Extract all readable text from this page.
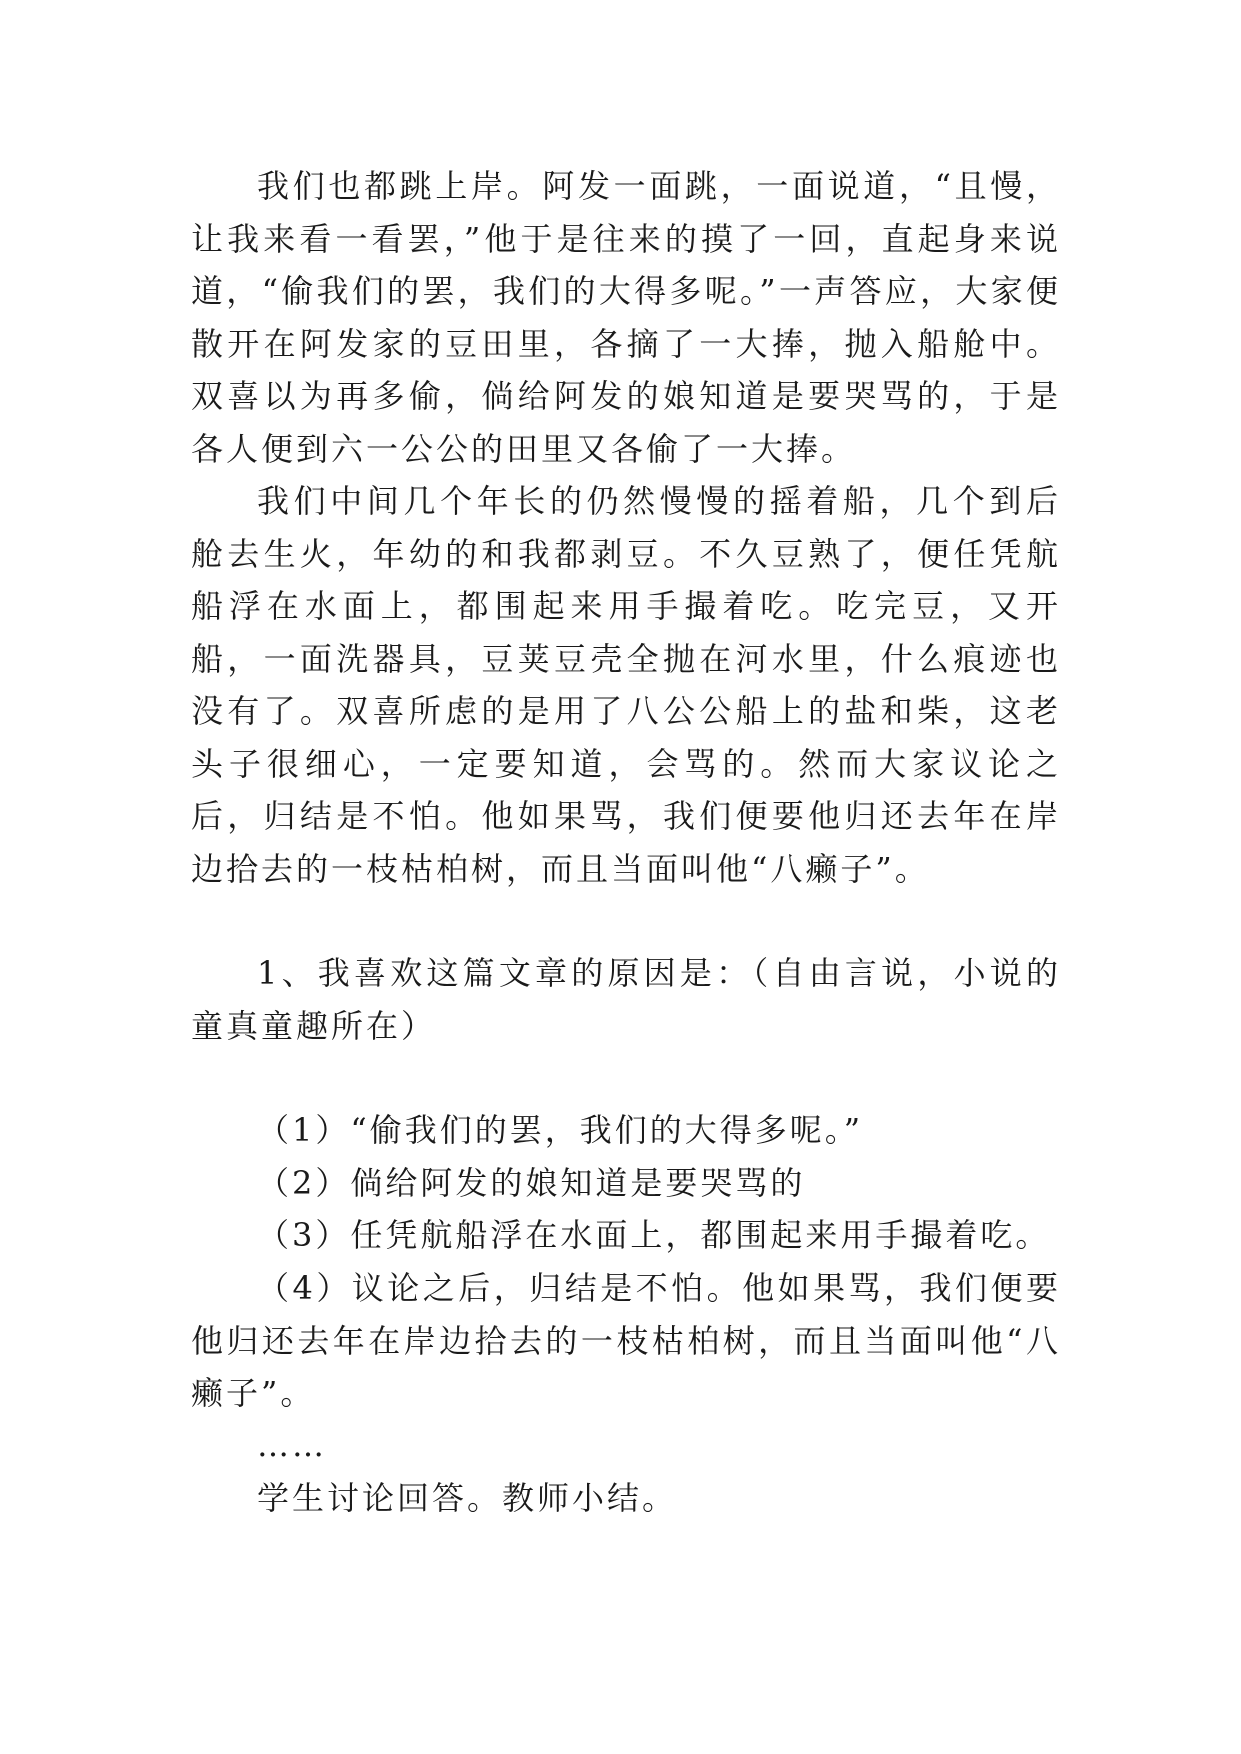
我们也都跳上岸。阿发一面跳，一面说道，“且慢，让我来看一看罢，”他于是往来的摸了一回，直起身来说道，“偷我们的罢，我们的大得多呢。”一声答应，大家便散开在阿发家的豆田里，各摘了一大捧，抛入船舱中。双喜以为再多偷，倘给阿发的娘知道是要哭骂的，于是各人便到六一公公的田里又各偷了一大捧。
我们中间几个年长的仍然慢慢的摇着船，几个到后舱去生火，年幼的和我都剥豆。不久豆熟了，便任凭航船浮在水面上，都围起来用手撮着吃。吃完豆，又开船，一面洗器具，豆荚豆壳全抛在河水里，什么痕迹也没有了。双喜所虑的是用了八公公船上的盐和柴，这老头子很细心，一定要知道，会骂的。然而大家议论之后，归结是不怕。他如果骂，我们便要他归还去年在岸边拾去的一枝枯柏树，而且当面叫他“八癞子”。
1、我喜欢这篇文章的原因是：（自由言说，小说的童真童趣所在）
（1）“偷我们的罢，我们的大得多呢。”
（2）倘给阿发的娘知道是要哭骂的
（3）任凭航船浮在水面上，都围起来用手撮着吃。
（4）议论之后，归结是不怕。他如果骂，我们便要他归还去年在岸边拾去的一枝枯柏树，而且当面叫他“八癞子”。
……
学生讨论回答。教师小结。
